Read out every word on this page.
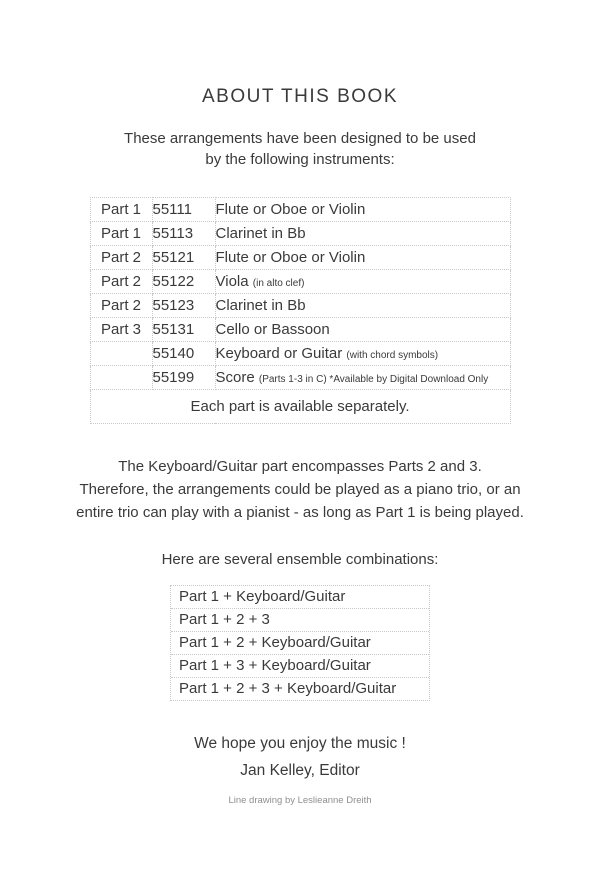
ABOUT THIS BOOK

These arrangements have been designed to be used
by the following instruments:

Part 1	55111	Flute or Oboe or Violin
Part 1	55113	Clarinet in Bb
Part 2	55121	Flute or Oboe or Violin
Part 2	55122	Viola (in alto clef)
Part 2	55123	Clarinet in Bb
Part 3	55131	Cello or Bassoon
	55140	Keyboard or Guitar (with chord symbols)
	55199	Score (Parts 1-3 in C) *Available by Digital Download Only
Each part is available separately.		

The Keyboard/Guitar part encompasses Parts 2 and 3.
Therefore, the arrangements could be played as a piano trio, or an
entire trio can play with a pianist - as long as Part 1 is being played.

Here are several ensemble combinations:

Part 1 + Keyboard/Guitar
Part 1 + 2 + 3
Part 1 + 2 + Keyboard/Guitar
Part 1 + 3 + Keyboard/Guitar
Part 1 + 2 + 3 + Keyboard/Guitar

We hope you enjoy the music !

Jan Kelley, Editor

Line drawing by Leslieanne Dreith
